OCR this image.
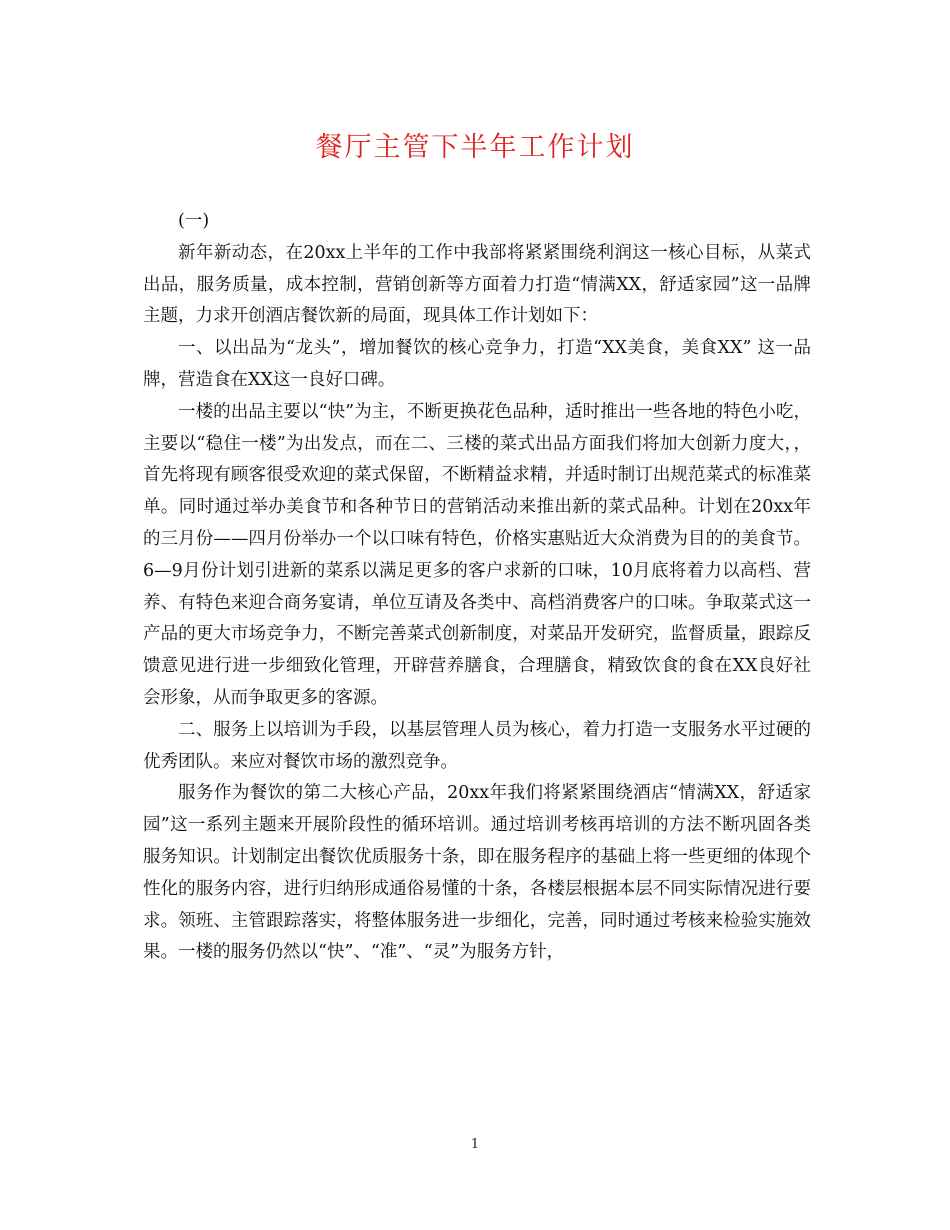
餐厅主管下半年工作计划

(一)

新年新动态，在20xx上半年的工作中我部将紧紧围绕利润这一核心目标，从菜式出品，服务质量，成本控制，营销创新等方面着力打造“情满XX，舒适家园”这一品牌主题，力求开创酒店餐饮新的局面，现具体工作计划如下：

一、以出品为“龙头”，增加餐饮的核心竞争力，打造“XX美食，美食XX” 这一品牌，营造食在XX这一良好口碑。

一楼的出品主要以“快”为主，不断更换花色品种，适时推出一些各地的特色小吃，主要以“稳住一楼”为出发点，而在二、三楼的菜式出品方面我们将加大创新力度大，，首先将现有顾客很受欢迎的菜式保留，不断精益求精，并适时制订出规范菜式的标准菜单。同时通过举办美食节和各种节日的营销活动来推出新的菜式品种。计划在20xx年的三月份——四月份举办一个以口味有特色，价格实惠贴近大众消费为目的的美食节。6—9月份计划引进新的菜系以满足更多的客户求新的口味，10月底将着力以高档、营养、有特色来迎合商务宴请，单位互请及各类中、高档消费客户的口味。争取菜式这一产品的更大市场竞争力，不断完善菜式创新制度，对菜品开发研究，监督质量，跟踪反馈意见进行进一步细致化管理，开辟营养膳食，合理膳食，精致饮食的食在XX良好社会形象，从而争取更多的客源。

二、服务上以培训为手段，以基层管理人员为核心，着力打造一支服务水平过硬的优秀团队。来应对餐饮市场的激烈竞争。

服务作为餐饮的第二大核心产品，20xx年我们将紧紧围绕酒店“情满XX，舒适家园”这一系列主题来开展阶段性的循环培训。通过培训考核再培训的方法不断巩固各类服务知识。计划制定出餐饮优质服务十条，即在服务程序的基础上将一些更细的体现个性化的服务内容，进行归纳形成通俗易懂的十条，各楼层根据本层不同实际情况进行要求。领班、主管跟踪落实，将整体服务进一步细化，完善，同时通过考核来检验实施效果。一楼的服务仍然以“快”、“准”、“灵”为服务方针，

1
